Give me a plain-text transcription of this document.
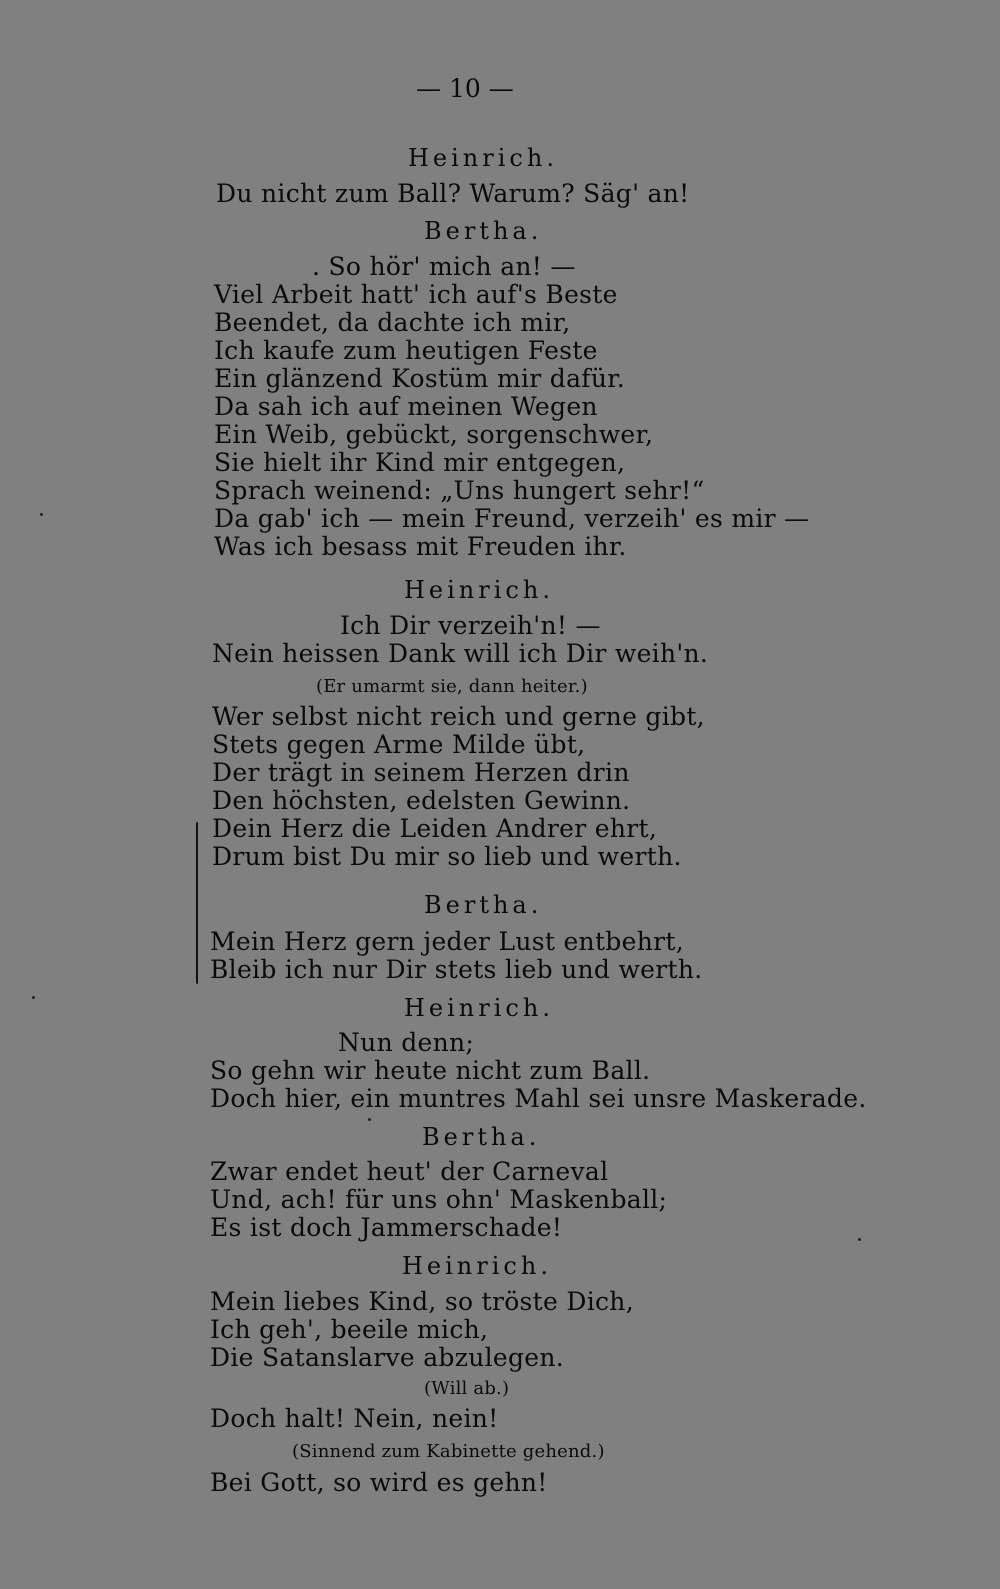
— 10 —
Heinrich.
Du nicht zum Ball? Warum? Säg' an!
Bertha.
. So hör' mich an! —
Viel Arbeit hatt' ich auf's Beste
Beendet, da dachte ich mir,
Ich kaufe zum heutigen Feste
Ein glänzend Kostüm mir dafür.
Da sah ich auf meinen Wegen
Ein Weib, gebückt, sorgenschwer,
Sie hielt ihr Kind mir entgegen,
Sprach weinend: „Uns hungert sehr!“
Da gab' ich — mein Freund, verzeih' es mir —
Was ich besass mit Freuden ihr.
Heinrich.
Ich Dir verzeih'n! —
Nein heissen Dank will ich Dir weih'n.
(Er umarmt sie, dann heiter.)
Wer selbst nicht reich und gerne gibt,
Stets gegen Arme Milde übt,
Der trägt in seinem Herzen drin
Den höchsten, edelsten Gewinn.
Dein Herz die Leiden Andrer ehrt,
Drum bist Du mir so lieb und werth.
Bertha.
Mein Herz gern jeder Lust entbehrt,
Bleib ich nur Dir stets lieb und werth.
Heinrich.
Nun denn;
So gehn wir heute nicht zum Ball.
Doch hier, ein muntres Mahl sei unsre Maskerade.
Bertha.
Zwar endet heut' der Carneval
Und, ach! für uns ohn' Maskenball;
Es ist doch Jammerschade!
Heinrich.
Mein liebes Kind, so tröste Dich,
Ich geh', beeile mich,
Die Satanslarve abzulegen.
(Will ab.)
Doch halt! Nein, nein!
(Sinnend zum Kabinette gehend.)
Bei Gott, so wird es gehn!
